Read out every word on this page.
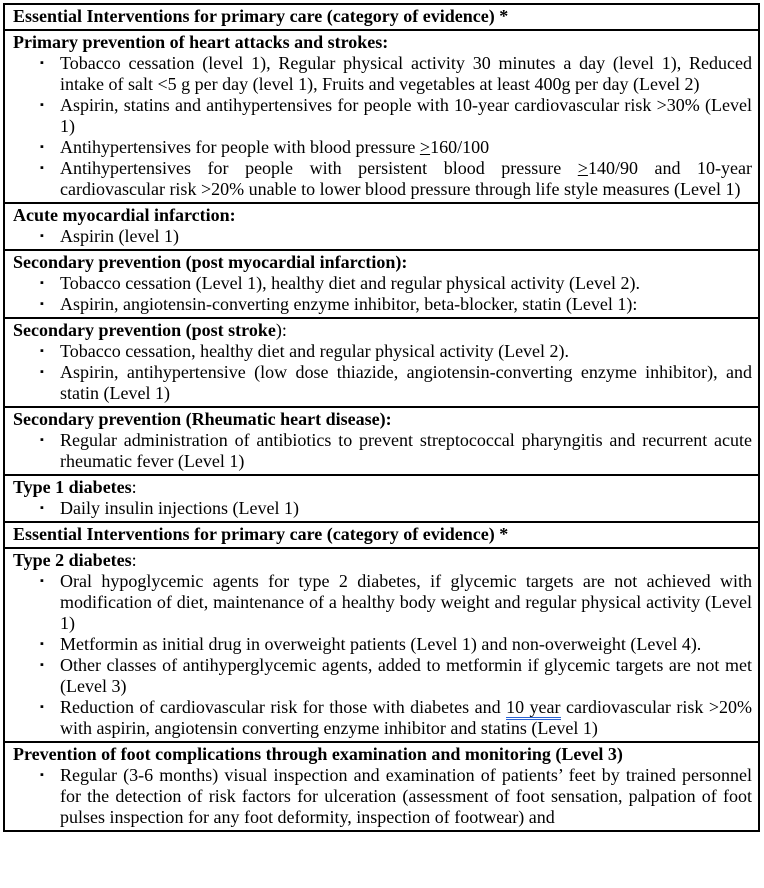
Essential Interventions for primary care (category of evidence) *
Primary prevention of heart attacks and strokes:
▪ Tobacco cessation (level 1), Regular physical activity 30 minutes a day (level 1), Reduced intake of salt <5 g per day (level 1), Fruits and vegetables at least 400g per day (Level 2)
▪ Aspirin, statins and antihypertensives for people with 10-year cardiovascular risk >30% (Level 1)
▪ Antihypertensives for people with blood pressure >160/100
▪ Antihypertensives for people with persistent blood pressure >140/90 and 10-year cardiovascular risk >20% unable to lower blood pressure through life style measures (Level 1)
Acute myocardial infarction:
▪ Aspirin (level 1)
Secondary prevention (post myocardial infarction):
▪ Tobacco cessation (Level 1), healthy diet and regular physical activity (Level 2).
▪ Aspirin, angiotensin-converting enzyme inhibitor, beta-blocker, statin (Level 1):
Secondary prevention (post stroke):
▪ Tobacco cessation, healthy diet and regular physical activity (Level 2).
▪ Aspirin, antihypertensive (low dose thiazide, angiotensin-converting enzyme inhibitor), and statin (Level 1)
Secondary prevention (Rheumatic heart disease):
▪ Regular administration of antibiotics to prevent streptococcal pharyngitis and recurrent acute rheumatic fever (Level 1)
Type 1 diabetes:
▪ Daily insulin injections (Level 1)
Essential Interventions for primary care (category of evidence) *
Type 2 diabetes:
▪ Oral hypoglycemic agents for type 2 diabetes, if glycemic targets are not achieved with modification of diet, maintenance of a healthy body weight and regular physical activity (Level 1)
▪ Metformin as initial drug in overweight patients (Level 1) and non-overweight (Level 4).
▪ Other classes of antihyperglycemic agents, added to metformin if glycemic targets are not met (Level 3)
▪ Reduction of cardiovascular risk for those with diabetes and 10 year cardiovascular risk >20% with aspirin, angiotensin converting enzyme inhibitor and statins (Level 1)
Prevention of foot complications through examination and monitoring (Level 3)
▪ Regular (3-6 months) visual inspection and examination of patients’ feet by trained personnel for the detection of risk factors for ulceration (assessment of foot sensation, palpation of foot pulses inspection for any foot deformity, inspection of footwear) and
